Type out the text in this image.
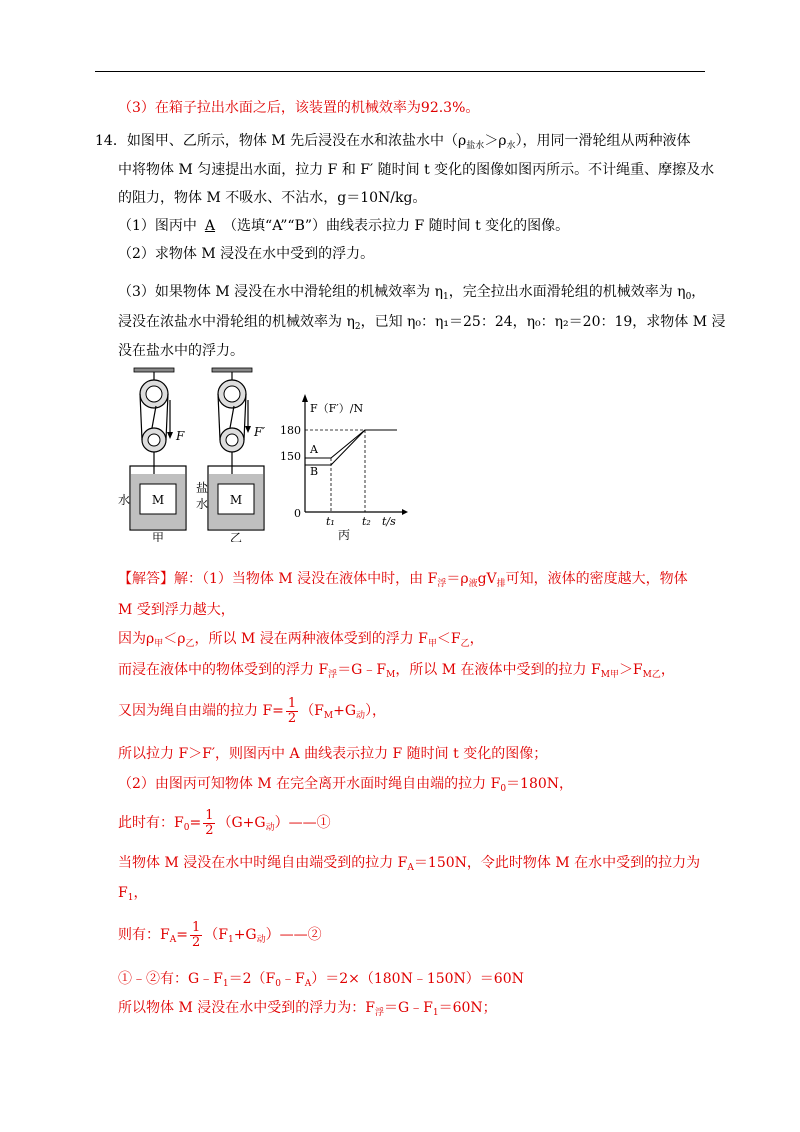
（3）在箱子拉出水面之后，该装置的机械效率为92.3%。
14．如图甲、乙所示，物体 M 先后浸没在水和浓盐水中$(\rho_{盐水}>\rho_水)$，用同一滑轮组从两种液体
中将物体 M 匀速提出水面，拉力 F 和 F′ 随时间 t 变化的图像如图丙所示。不计绳重、摩擦及水
的阻力，物体 M 不吸水、不沾水，g＝10N/kg。
（1）图丙中 A （选填“A”“B”）曲线表示拉力 F 随时间 t 变化的图像。
（2）求物体 M 浸没在水中受到的浮力。
（3）如果物体 M 浸没在水中滑轮组的机械效率为 $\eta_1$，完全拉出水面滑轮组的机械效率为 $\eta_0$，
浸没在浓盐水中滑轮组的机械效率为 $\eta_2$，已知 η₀：η₁＝25：24，η₀：η₂＝20：19，求物体 M 浸
没在盐水中的浮力。
M
F
水
甲
M
F′
盐
水
乙
F（F′）/N
180
150
A
B
0
t₁ t₂ t/s
丙
【解答】解：（1）当物体 M 浸没在液体中时，由 $F_浮=\rho_液gV_排$可知，液体的密度越大，物体
M 受到浮力越大，
因为$\rho_甲<\rho_乙$，所以 M 浸在两种液体受到的浮力 $F_甲<F_乙$，
而浸在液体中的物体受到的浮力 $F_浮=G﹣F_M$，所以 M 在液体中受到的拉力 $F_{M甲}>F_{M乙}$，
又因为绳自由端的拉力 $F= \frac{1}{2} (F_M+G_动)$，
所以拉力 F＞F′，则图丙中 A 曲线表示拉力 F 随时间 t 变化的图像；
（2）由图丙可知物体 M 在完全离开水面时绳自由端的拉力 $F_0=180N$，
此时有：$F_0= \frac{1}{2}$ $(G+G_动)——①$
当物体 M 浸没在水中时绳自由端受到的拉力 $F_A=150N$，令此时物体 M 在水中受到的拉力为
$F_1$，
则有：$F_A= \frac{1}{2}$ $(F_1+G_动)——②$
①﹣②有：$G﹣F_1=2(F_0﹣F_A)=2\times(180N﹣150N)=60N$
所以物体 M 浸没在水中受到的浮力为：$F_浮=G﹣F_1=60N$；
